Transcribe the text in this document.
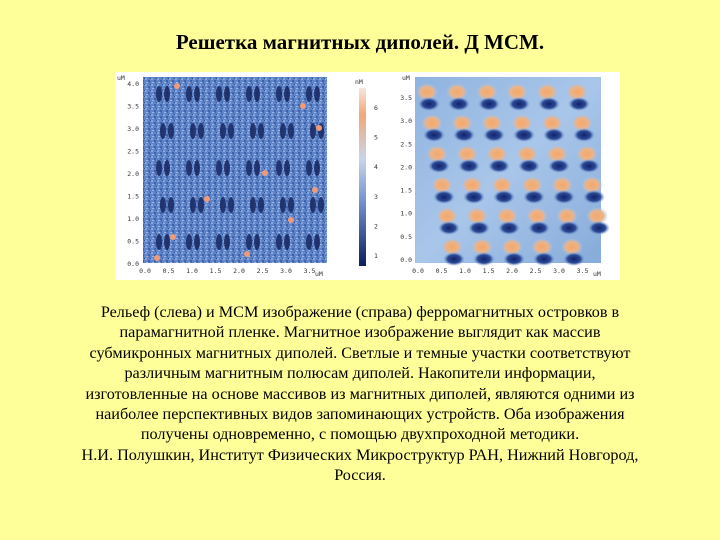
Решетка магнитных диполей. Д МСМ.
uM
4.0
3.5
3.0
2.5
2.0
1.5
1.0
0.5
0.0
0.0 0.5 1.0 1.5 2.0 2.5 3.0 3.5 uM
nM
6
5
4
3
2
1
uM
3.5
3.0
2.5
2.0
1.5
1.0
0.5
0.0
0.0 0.5 1.0 1.5 2.0 2.5 3.0 3.5 uM
Рельеф (слева) и МСМ изображение (справа) ферромагнитных островков в
парамагнитной пленке. Магнитное изображение выглядит как массив
субмикронных магнитных диполей. Светлые и темные участки соответствуют
различным магнитным полюсам диполей. Накопители информации,
изготовленные на основе массивов из магнитных диполей, являются одними из
наиболее перспективных видов запоминающих устройств. Оба изображения
получены одновременно, с помощью двухпроходной методики.
Н.И. Полушкин, Институт Физических Микроструктур РАН, Нижний Новгород,
Россия.
